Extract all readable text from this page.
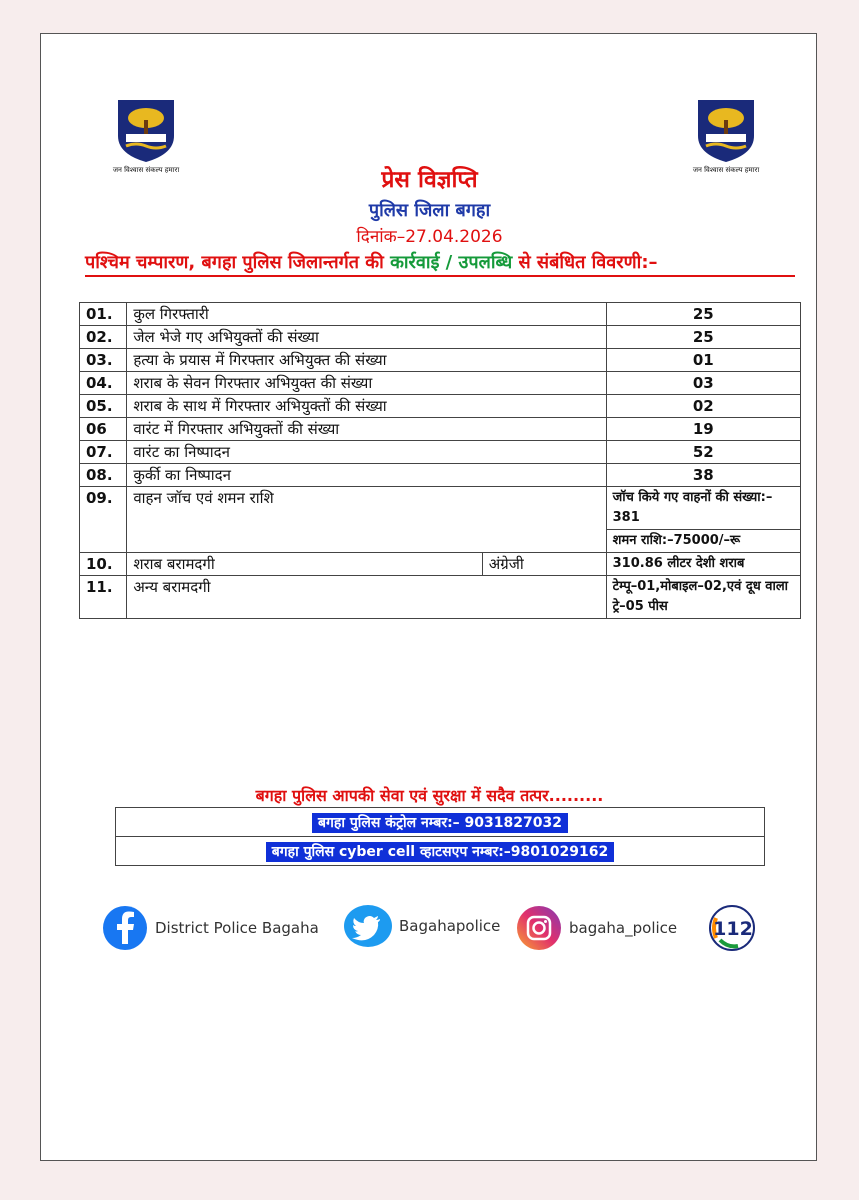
जन विश्वास संकल्प हमारा	जन विश्वास संकल्प हमारा
प्रेस विज्ञप्ति
पुलिस जिला बगहा
दिनांक–27.04.2026
पश्चिम चम्पारण, बगहा पुलिस जिलान्तर्गत की कार्रवाई / उपलब्धि से संबंधित विवरणी:–
01.	कुल गिरफ्तारी		25
02.	जेल भेजे गए अभियुक्तों की संख्या		25
03.	हत्या के प्रयास में गिरफ्तार अभियुक्त की संख्या		01
04.	शराब के सेवन गिरफ्तार अभियुक्त की संख्या		03
05.	शराब के साथ में गिरफ्तार अभियुक्तों की संख्या		02
06	वारंट में गिरफ्तार अभियुक्तों की संख्या		19
07.	वारंट का निष्पादन		52
08.	कुर्की का निष्पादन		38
09.	वाहन जॉच एवं शमन राशि		जॉच किये गए वाहनों की संख्या:–381
			शमन राशि:–75000/–रू
10.	शराब बरामदगी	अंग्रेजी	310.86 लीटर देशी शराब
11.	अन्य बरामदगी		टेम्पू–01,मोबाइल–02,एवं दूध वाला ट्रे–05 पीस
बगहा पुलिस आपकी सेवा एवं सुरक्षा में सदैव तत्पर.........
बगहा पुलिस कंट्रोल नम्बर:– 9031827032
बगहा पुलिस cyber cell व्हाटसएप नम्बर:–9801029162
District Police Bagaha	Bagahapolice	bagaha_police 112
